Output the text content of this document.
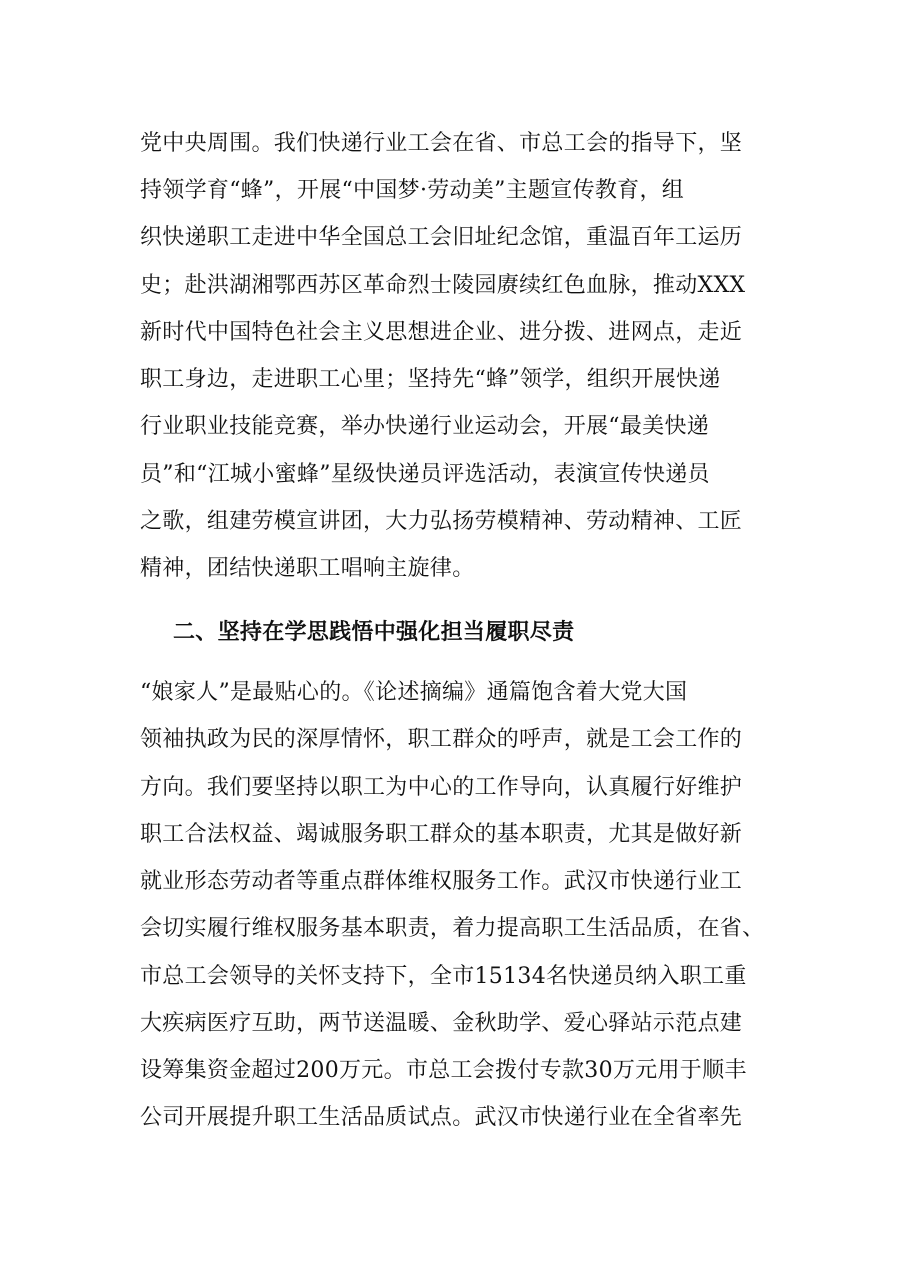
党中央周围。我们快递行业工会在省、市总工会的指导下，坚
持领学育“蜂”，开展“中国梦·劳动美”主题宣传教育，组
织快递职工走进中华全国总工会旧址纪念馆，重温百年工运历
史；赴洪湖湘鄂西苏区革命烈士陵园赓续红色血脉，推动XXX
新时代中国特色社会主义思想进企业、进分拨、进网点，走近
职工身边，走进职工心里；坚持先“蜂”领学，组织开展快递
行业职业技能竞赛，举办快递行业运动会，开展“最美快递
员”和“江城小蜜蜂”星级快递员评选活动，表演宣传快递员
之歌，组建劳模宣讲团，大力弘扬劳模精神、劳动精神、工匠
精神，团结快递职工唱响主旋律。
二、坚持在学思践悟中强化担当履职尽责
“娘家人”是最贴心的。《论述摘编》通篇饱含着大党大国
领袖执政为民的深厚情怀，职工群众的呼声，就是工会工作的
方向。我们要坚持以职工为中心的工作导向，认真履行好维护
职工合法权益、竭诚服务职工群众的基本职责，尤其是做好新
就业形态劳动者等重点群体维权服务工作。武汉市快递行业工
会切实履行维权服务基本职责，着力提高职工生活品质，在省、
市总工会领导的关怀支持下，全市15134名快递员纳入职工重
大疾病医疗互助，两节送温暖、金秋助学、爱心驿站示范点建
设筹集资金超过200万元。市总工会拨付专款30万元用于顺丰
公司开展提升职工生活品质试点。武汉市快递行业在全省率先
